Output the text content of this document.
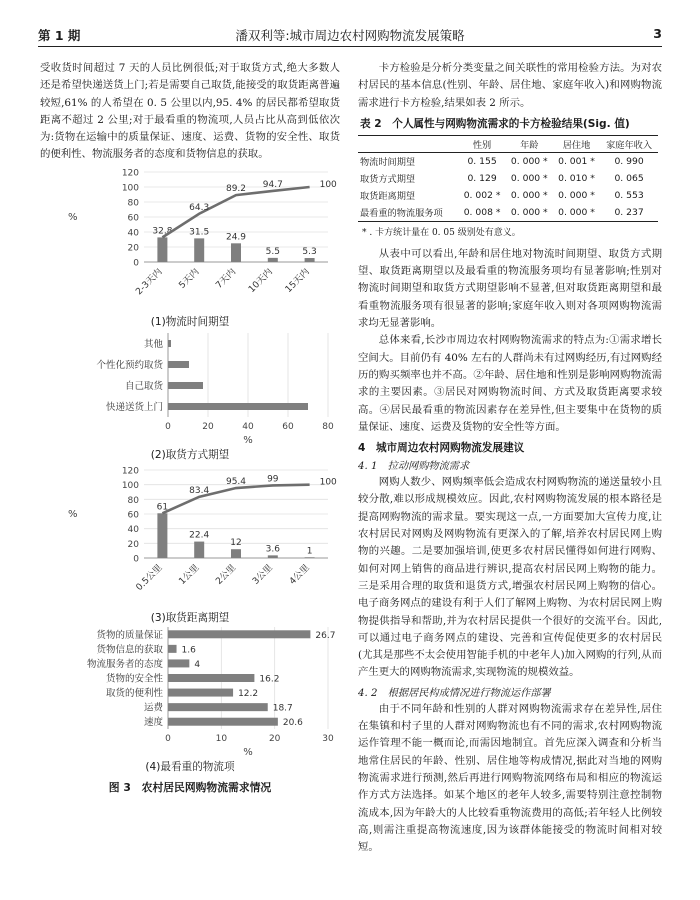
第 1 期	潘双利等:城市周边农村网购物流发展策略	3

受收货时间超过 7 天的人员比例很低;对于取货方式,绝大多数人还是希望快递送货上门;若是需要自己取货,能接受的取货距离普遍较短,61% 的人希望在 0. 5 公里以内,95. 4% 的居民都希望取货距离不超过 2 公里;对于最看重的物流项,人员占比从高到低依次为:货物在运输中的质量保证、速度、运费、货物的安全性、取货的便利性、物流服务者的态度和货物信息的获取。

0
20
40
60
80
100
120
%
32.8
2-3天内
31.5
5天内
24.9
7天内
5.5
10天内
5.3
15天内
64.3
89.2 94.7	100
(1)物流时间期望
0	20	40	60	80
%
其他
个性化预约取货
自己取货
快递送货上门
(2)取货方式期望
0
20
40
60
80
100
120
%
61
0.5公里
22.4
1公里
12
2公里
3.6
3公里
1
4公里
83.4
95.4 99	100
(3)取货距离期望
0	10	20	30
%
货物的质量保证	26.7
货物信息的获取 1.6
物流服务者的态度	4
货物的安全性	16.2
取货的便利性	12.2
运费	18.7
速度	20.6
(4)最看重的物流项
图 3　农村居民网购物流需求情况

卡方检验是分析分类变量之间关联性的常用检验方法。为对农村居民的基本信息(性别、年龄、居住地、家庭年收入)和网购物流需求进行卡方检验,结果如表 2 所示。

表 2　个人属性与网购物流需求的卡方检验结果(Sig. 值)
	性别	年龄	居住地	家庭年收入
物流时间期望	0. 155	0. 000 *	0. 001 *	0. 990
取货方式期望	0. 129	0. 000 *	0. 010 *	0. 065
取货距离期望	0. 002 *	0. 000 *	0. 000 *	0. 553
最看重的物流服务项	0. 008 *	0. 000 *	0. 000 *	0. 237
* . 卡方统计量在 0. 05 级别处有意义。

从表中可以看出,年龄和居住地对物流时间期望、取货方式期望、取货距离期望以及最看重的物流服务项均有显著影响;性别对物流时间期望和取货方式期望影响不显著,但对取货距离期望和最看重物流服务项有很显著的影响;家庭年收入则对各项网购物流需求均无显著影响。

总体来看,长沙市周边农村网购物流需求的特点为:①需求增长空间大。目前仍有 40% 左右的人群尚未有过网购经历,有过网购经历的购买频率也并不高。②年龄、居住地和性别是影响网购物流需求的主要因素。③居民对网购物流时间、方式及取货距离要求较高。④居民最看重的物流因素存在差异性,但主要集中在货物的质量保证、速度、运费及货物的安全性等方面。

4　城市周边农村网购物流发展建议
4. 1　拉动网购物流需求

网购人数少、网购频率低会造成农村网购物流的递送量较小且较分散,难以形成规模效应。因此,农村网购物流发展的根本路径是提高网购物流的需求量。要实现这一点,一方面要加大宣传力度,让农村居民对网购及网购物流有更深入的了解,培养农村居民网上购物的兴趣。二是要加强培训,使更多农村居民懂得如何进行网购、如何对网上销售的商品进行辨识,提高农村居民网上购物的能力。三是采用合理的取货和退货方式,增强农村居民网上购物的信心。电子商务网点的建设有利于人们了解网上购物、为农村居民网上购物提供指导和帮助,并为农村居民提供一个很好的交流平台。因此,可以通过电子商务网点的建设、完善和宣传促使更多的农村居民(尤其是那些不太会使用智能手机的中老年人)加入网购的行列,从而产生更大的网购物流需求,实现物流的规模效益。

4. 2　根据居民构成情况进行物流运作部署

由于不同年龄和性别的人群对网购物流需求存在差异性,居住在集镇和村子里的人群对网购物流也有不同的需求,农村网购物流运作管理不能一概而论,而需因地制宜。首先应深入调查和分析当地常住居民的年龄、性别、居住地等构成情况,据此对当地的网购物流需求进行预测,然后再进行网购物流网络布局和相应的物流运作方式方法选择。如某个地区的老年人较多,需要特别注意控制物流成本,因为年龄大的人比较看重物流费用的高低;若年轻人比例较高,则需注重提高物流速度,因为该群体能接受的物流时间相对较短。
